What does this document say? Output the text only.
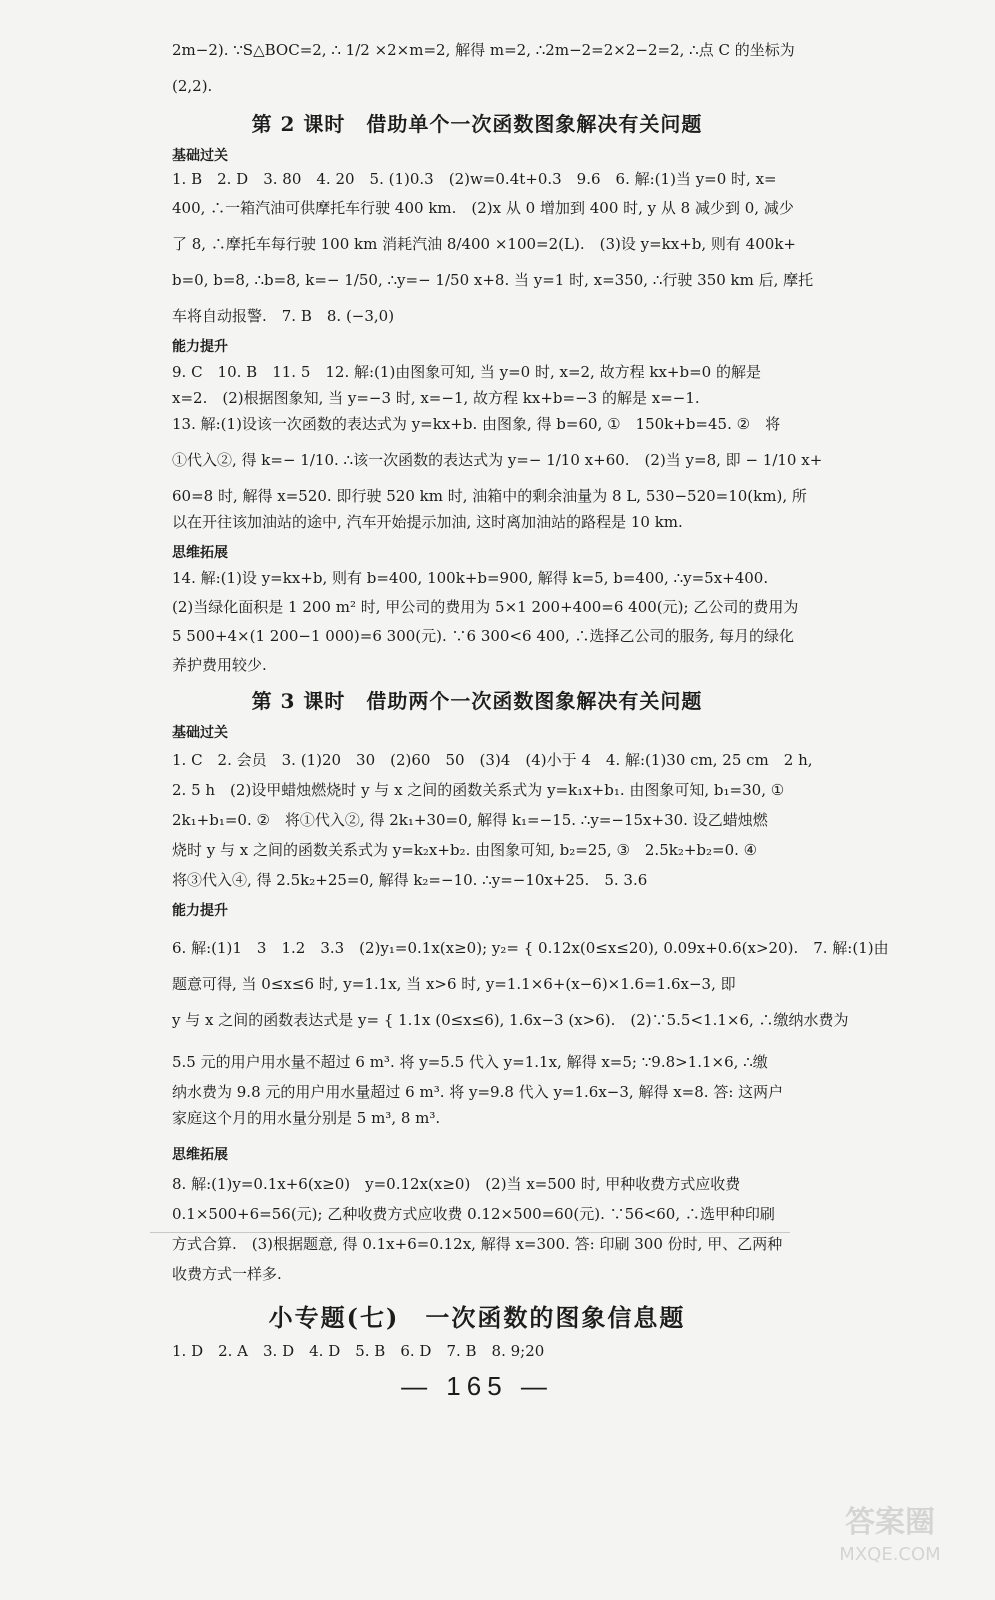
2m−2). ∵S△BOC=2, ∴ 1/2 ×2×m=2, 解得 m=2, ∴2m−2=2×2−2=2, ∴点 C 的坐标为
(2,2).
第 2 课时　借助单个一次函数图象解决有关问题
基础过关
1. B　2. D　3. 80　4. 20　5. (1)0.3　(2)w=0.4t+0.3　9.6　6. 解:(1)当 y=0 时, x=
400, ∴一箱汽油可供摩托车行驶 400 km.　(2)x 从 0 增加到 400 时, y 从 8 减少到 0, 减少
了 8, ∴摩托车每行驶 100 km 消耗汽油 8/400 ×100=2(L).　(3)设 y=kx+b, 则有 400k+
b=0, b=8, ∴b=8, k=− 1/50, ∴y=− 1/50 x+8. 当 y=1 时, x=350, ∴行驶 350 km 后, 摩托
车将自动报警.　7. B　8. (−3,0)
能力提升
9. C　10. B　11. 5　12. 解:(1)由图象可知, 当 y=0 时, x=2, 故方程 kx+b=0 的解是
x=2.　(2)根据图象知, 当 y=−3 时, x=−1, 故方程 kx+b=−3 的解是 x=−1.
13. 解:(1)设该一次函数的表达式为 y=kx+b. 由图象, 得 b=60, ①　150k+b=45. ②　将
①代入②, 得 k=− 1/10. ∴该一次函数的表达式为 y=− 1/10 x+60.　(2)当 y=8, 即 − 1/10 x+
60=8 时, 解得 x=520. 即行驶 520 km 时, 油箱中的剩余油量为 8 L, 530−520=10(km), 所
以在开往该加油站的途中, 汽车开始提示加油, 这时离加油站的路程是 10 km.
思维拓展
14. 解:(1)设 y=kx+b, 则有 b=400, 100k+b=900, 解得 k=5, b=400, ∴y=5x+400.
(2)当绿化面积是 1 200 m² 时, 甲公司的费用为 5×1 200+400=6 400(元); 乙公司的费用为
5 500+4×(1 200−1 000)=6 300(元). ∵6 300<6 400, ∴选择乙公司的服务, 每月的绿化
养护费用较少.
第 3 课时　借助两个一次函数图象解决有关问题
基础过关
1. C　2. 会员　3. (1)20　30　(2)60　50　(3)4　(4)小于 4　4. 解:(1)30 cm, 25 cm　2 h,
2. 5 h　(2)设甲蜡烛燃烧时 y 与 x 之间的函数关系式为 y=k₁x+b₁. 由图象可知, b₁=30, ①
2k₁+b₁=0. ②　将①代入②, 得 2k₁+30=0, 解得 k₁=−15. ∴y=−15x+30. 设乙蜡烛燃
烧时 y 与 x 之间的函数关系式为 y=k₂x+b₂. 由图象可知, b₂=25, ③　2.5k₂+b₂=0. ④
将③代入④, 得 2.5k₂+25=0, 解得 k₂=−10. ∴y=−10x+25.　5. 3.6
能力提升
6. 解:(1)1　3　1.2　3.3　(2)y₁=0.1x(x≥0); y₂= { 0.12x(0≤x≤20), 0.09x+0.6(x>20).　7. 解:(1)由
题意可得, 当 0≤x≤6 时, y=1.1x, 当 x>6 时, y=1.1×6+(x−6)×1.6=1.6x−3, 即
y 与 x 之间的函数表达式是 y= { 1.1x (0≤x≤6), 1.6x−3 (x>6).　(2)∵5.5<1.1×6, ∴缴纳水费为
5.5 元的用户用水量不超过 6 m³. 将 y=5.5 代入 y=1.1x, 解得 x=5; ∵9.8>1.1×6, ∴缴
纳水费为 9.8 元的用户用水量超过 6 m³. 将 y=9.8 代入 y=1.6x−3, 解得 x=8. 答: 这两户
家庭这个月的用水量分别是 5 m³, 8 m³.
思维拓展
8. 解:(1)y=0.1x+6(x≥0)　y=0.12x(x≥0)　(2)当 x=500 时, 甲种收费方式应收费
0.1×500+6=56(元); 乙种收费方式应收费 0.12×500=60(元). ∵56<60, ∴选甲种印刷
方式合算.　(3)根据题意, 得 0.1x+6=0.12x, 解得 x=300. 答: 印刷 300 份时, 甲、乙两种
收费方式一样多.
小专题(七)　一次函数的图象信息题
1. D　2. A　3. D　4. D　5. B　6. D　7. B　8. 9;20
— 165 —
答案圈
MXQE.COM
